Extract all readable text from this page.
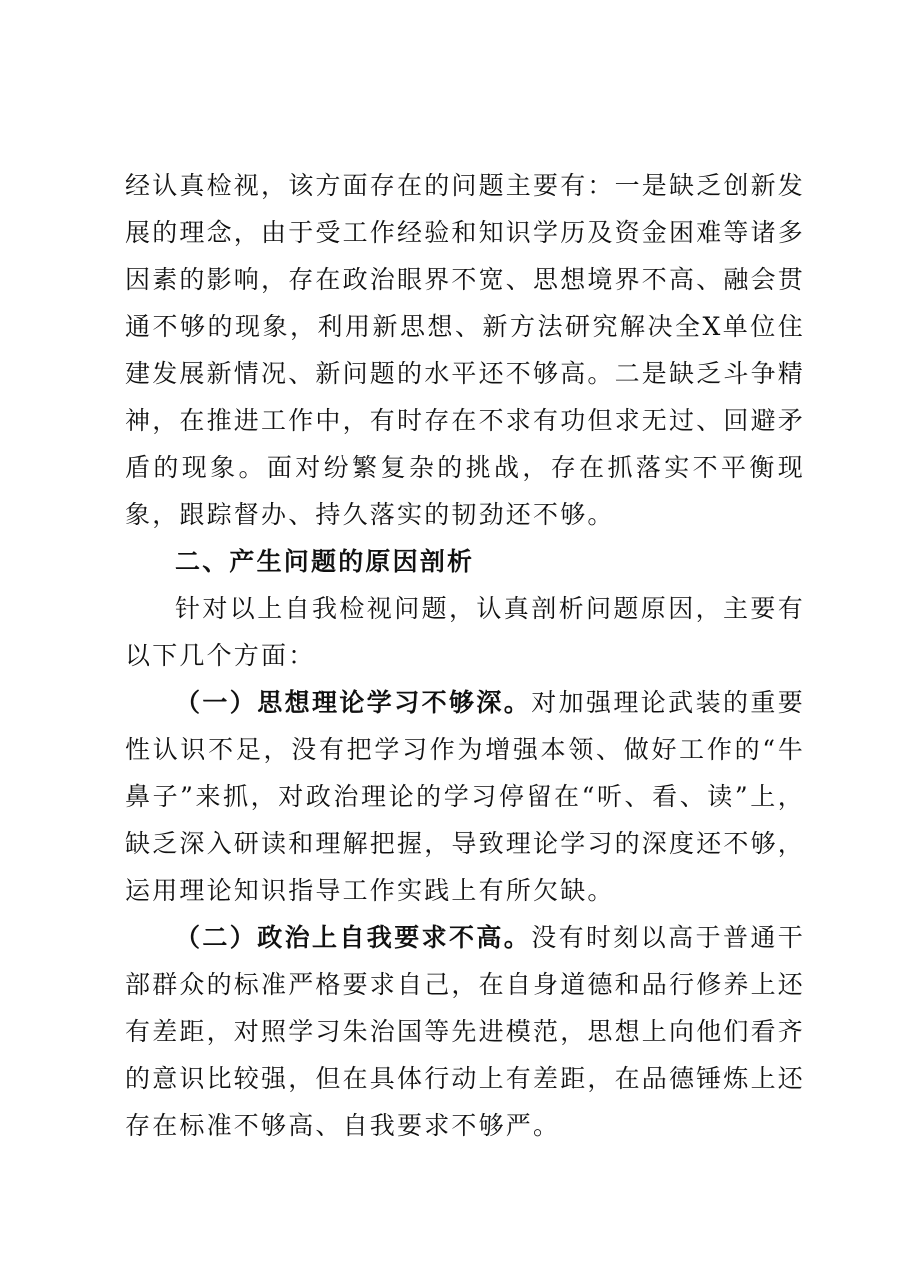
经认真检视，该方面存在的问题主要有：一是缺乏创新发展的理念，由于受工作经验和知识学历及资金困难等诸多因素的影响，存在政治眼界不宽、思想境界不高、融会贯通不够的现象，利用新思想、新方法研究解决全X单位住建发展新情况、新问题的水平还不够高。二是缺乏斗争精神，在推进工作中，有时存在不求有功但求无过、回避矛盾的现象。面对纷繁复杂的挑战，存在抓落实不平衡现象，跟踪督办、持久落实的韧劲还不够。

二、产生问题的原因剖析

针对以上自我检视问题，认真剖析问题原因，主要有以下几个方面：

（一）思想理论学习不够深。对加强理论武装的重要性认识不足，没有把学习作为增强本领、做好工作的“牛鼻子”来抓，对政治理论的学习停留在“听、看、读”上，缺乏深入研读和理解把握，导致理论学习的深度还不够，运用理论知识指导工作实践上有所欠缺。

（二）政治上自我要求不高。没有时刻以高于普通干部群众的标准严格要求自己，在自身道德和品行修养上还有差距，对照学习朱治国等先进模范，思想上向他们看齐的意识比较强，但在具体行动上有差距，在品德锤炼上还存在标准不够高、自我要求不够严。
